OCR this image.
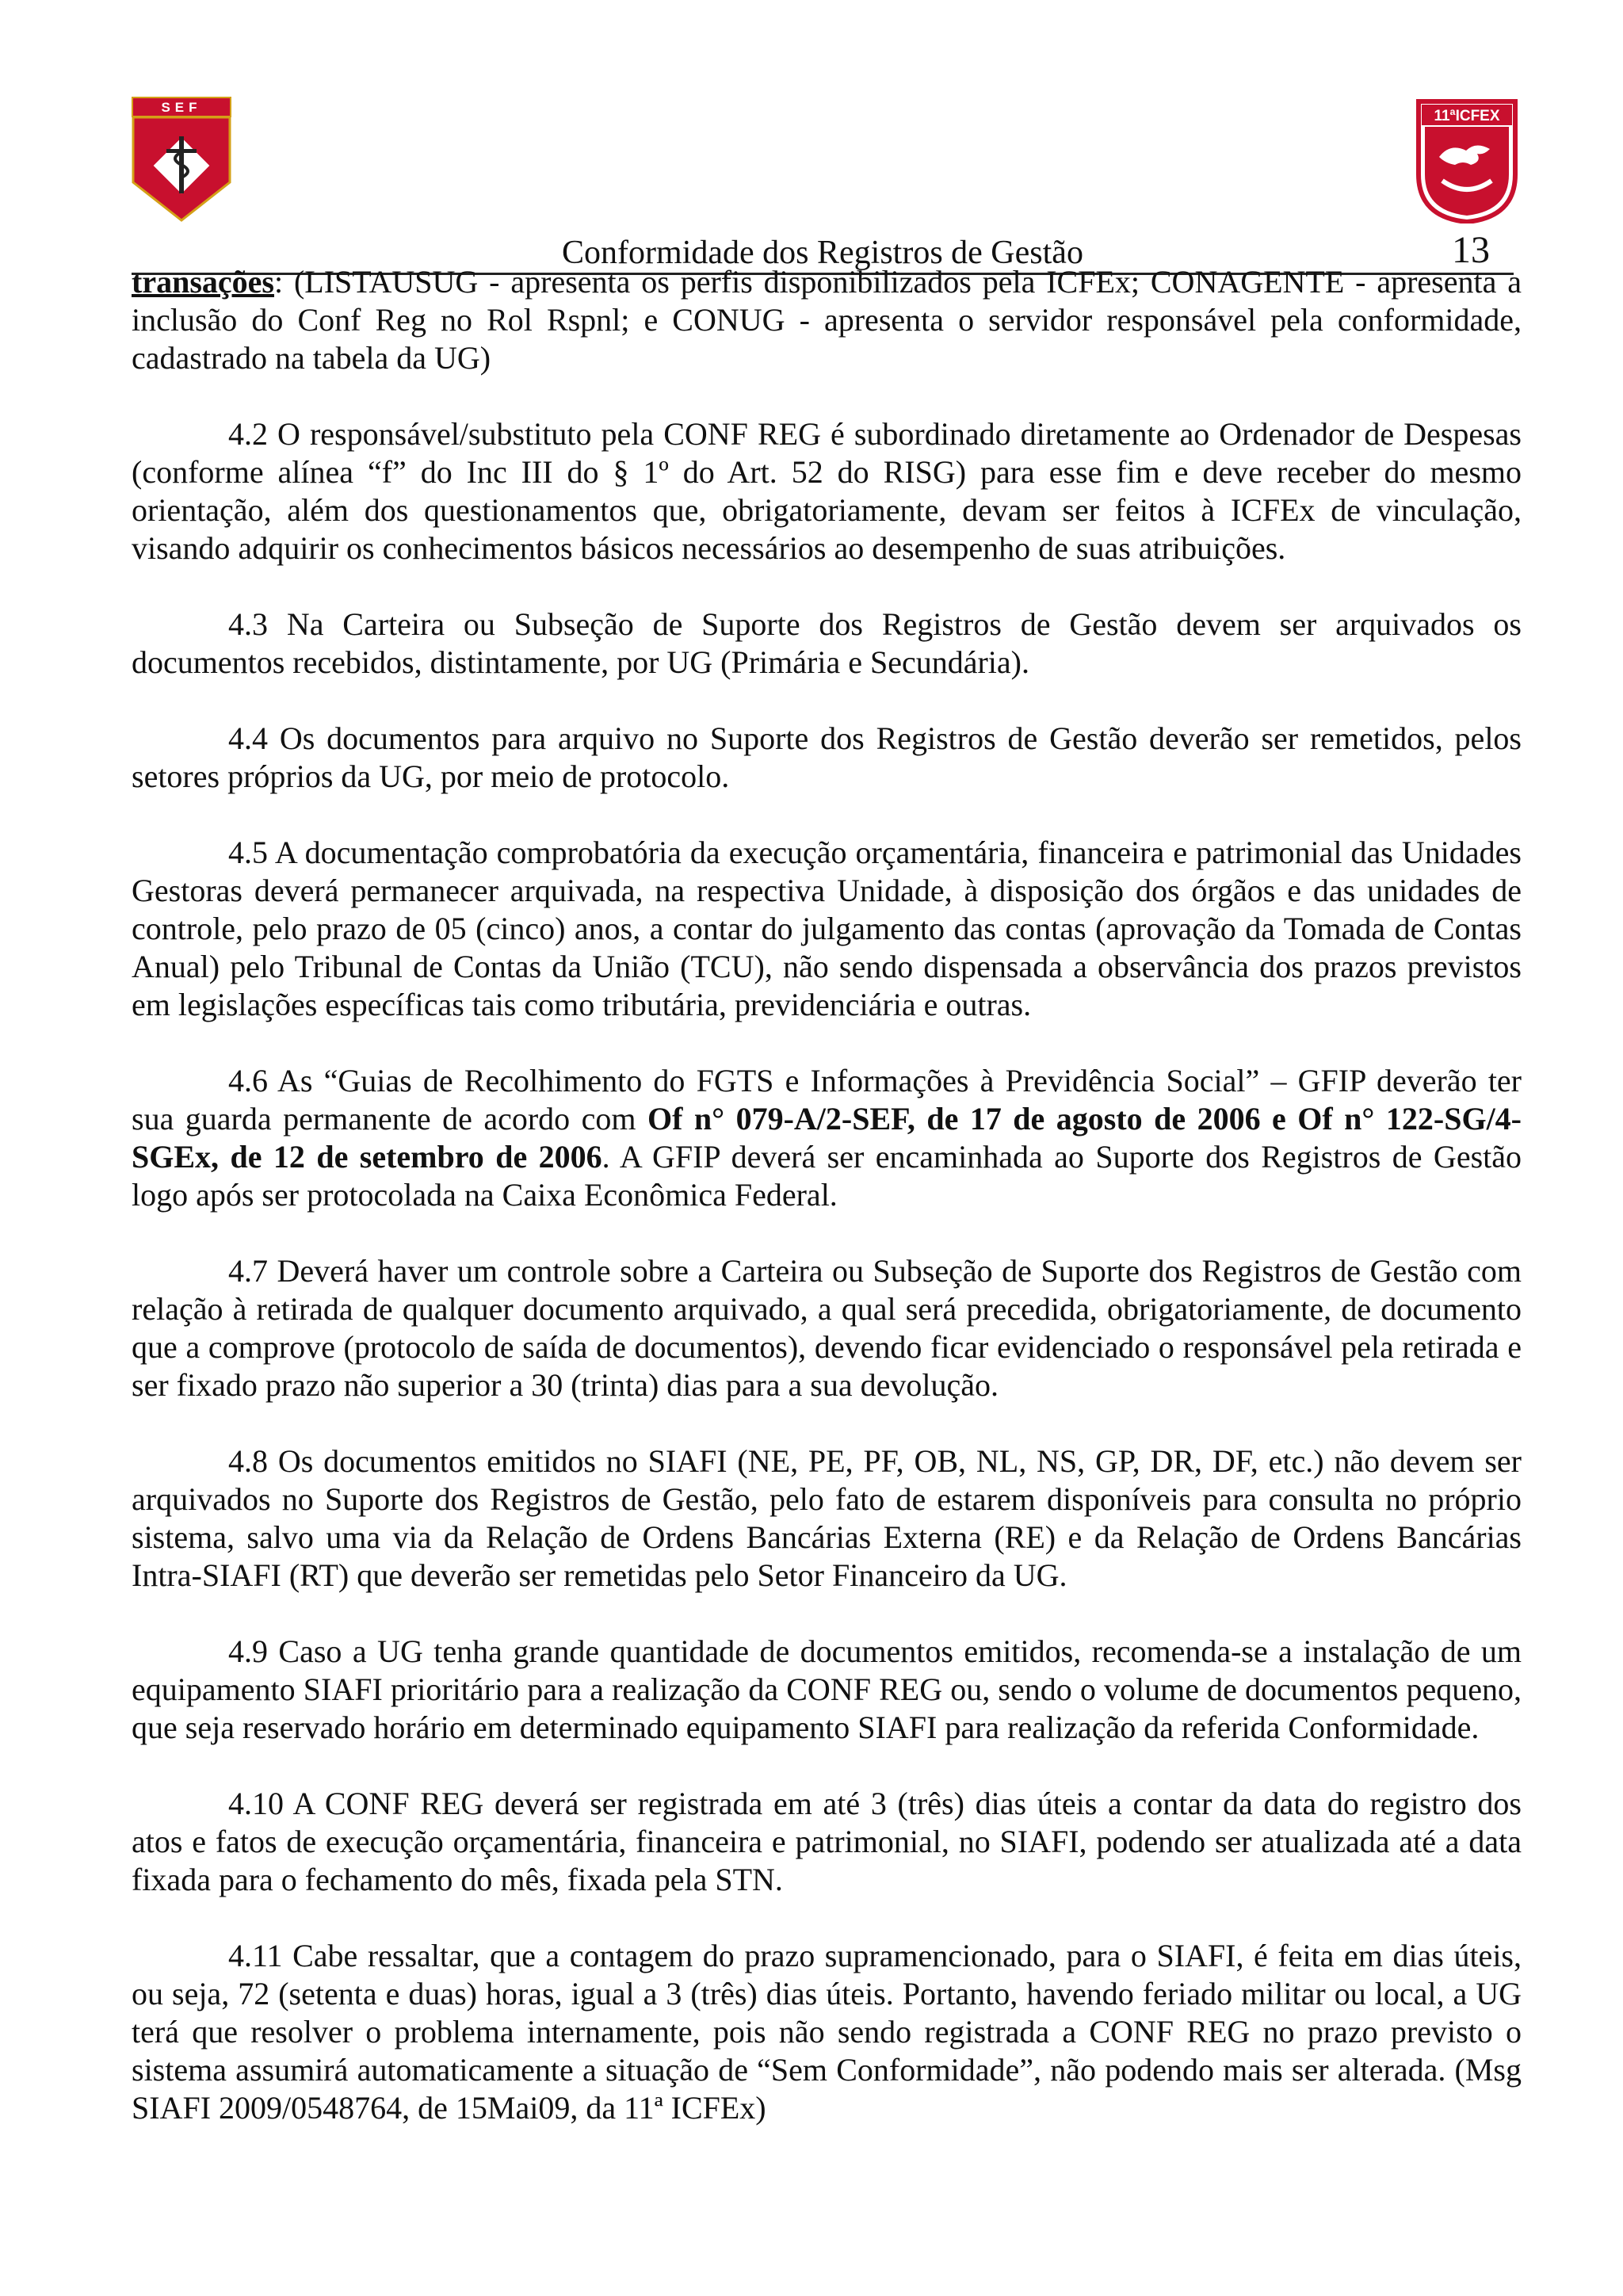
SEF
11ªICFEX
Conformidade dos Registros de Gestão	13

transações: (LISTAUSUG - apresenta os perfis disponibilizados pela ICFEx; CONAGENTE - apresenta a inclusão do Conf Reg no Rol Rspnl; e CONUG - apresenta o servidor responsável pela conformidade, cadastrado na tabela da UG)

4.2 O responsável/substituto pela CONF REG é subordinado diretamente ao Ordenador de Despesas (conforme alínea “f” do Inc III do § 1º do Art. 52 do RISG) para esse fim e deve receber do mesmo orientação, além dos questionamentos que, obrigatoriamente, devam ser feitos à ICFEx de vinculação, visando adquirir os conhecimentos básicos necessários ao desempenho de suas atribuições.

4.3 Na Carteira ou Subseção de Suporte dos Registros de Gestão devem ser arquivados os documentos recebidos, distintamente, por UG (Primária e Secundária).

4.4 Os documentos para arquivo no Suporte dos Registros de Gestão deverão ser remetidos, pelos setores próprios da UG, por meio de protocolo.

4.5 A documentação comprobatória da execução orçamentária, financeira e patrimonial das Unidades Gestoras deverá permanecer arquivada, na respectiva Unidade, à disposição dos órgãos e das unidades de controle, pelo prazo de 05 (cinco) anos, a contar do julgamento das contas (aprovação da Tomada de Contas Anual) pelo Tribunal de Contas da União (TCU), não sendo dispensada a observância dos prazos previstos em legislações específicas tais como tributária, previdenciária e outras.

4.6 As “Guias de Recolhimento do FGTS e Informações à Previdência Social” – GFIP deverão ter sua guarda permanente de acordo com Of n° 079-A/2-SEF, de 17 de agosto de 2006 e Of n° 122-SG/4-SGEx, de 12 de setembro de 2006. A GFIP deverá ser encaminhada ao Suporte dos Registros de Gestão logo após ser protocolada na Caixa Econômica Federal.

4.7 Deverá haver um controle sobre a Carteira ou Subseção de Suporte dos Registros de Gestão com relação à retirada de qualquer documento arquivado, a qual será precedida, obrigatoriamente, de documento que a comprove (protocolo de saída de documentos), devendo ficar evidenciado o responsável pela retirada e ser fixado prazo não superior a 30 (trinta) dias para a sua devolução.

4.8 Os documentos emitidos no SIAFI (NE, PE, PF, OB, NL, NS, GP, DR, DF, etc.) não devem ser arquivados no Suporte dos Registros de Gestão, pelo fato de estarem disponíveis para consulta no próprio sistema, salvo uma via da Relação de Ordens Bancárias Externa (RE) e da Relação de Ordens Bancárias Intra-SIAFI (RT) que deverão ser remetidas pelo Setor Financeiro da UG.

4.9 Caso a UG tenha grande quantidade de documentos emitidos, recomenda-se a instalação de um equipamento SIAFI prioritário para a realização da CONF REG ou, sendo o volume de documentos pequeno, que seja reservado horário em determinado equipamento SIAFI para realização da referida Conformidade.

4.10 A CONF REG deverá ser registrada em até 3 (três) dias úteis a contar da data do registro dos atos e fatos de execução orçamentária, financeira e patrimonial, no SIAFI, podendo ser atualizada até a data fixada para o fechamento do mês, fixada pela STN.

4.11 Cabe ressaltar, que a contagem do prazo supramencionado, para o SIAFI, é feita em dias úteis, ou seja, 72 (setenta e duas) horas, igual a 3 (três) dias úteis. Portanto, havendo feriado militar ou local, a UG terá que resolver o problema internamente, pois não sendo registrada a CONF REG no prazo previsto o sistema assumirá automaticamente a situação de “Sem Conformidade”, não podendo mais ser alterada. (Msg SIAFI 2009/0548764, de 15Mai09, da 11ª ICFEx)
